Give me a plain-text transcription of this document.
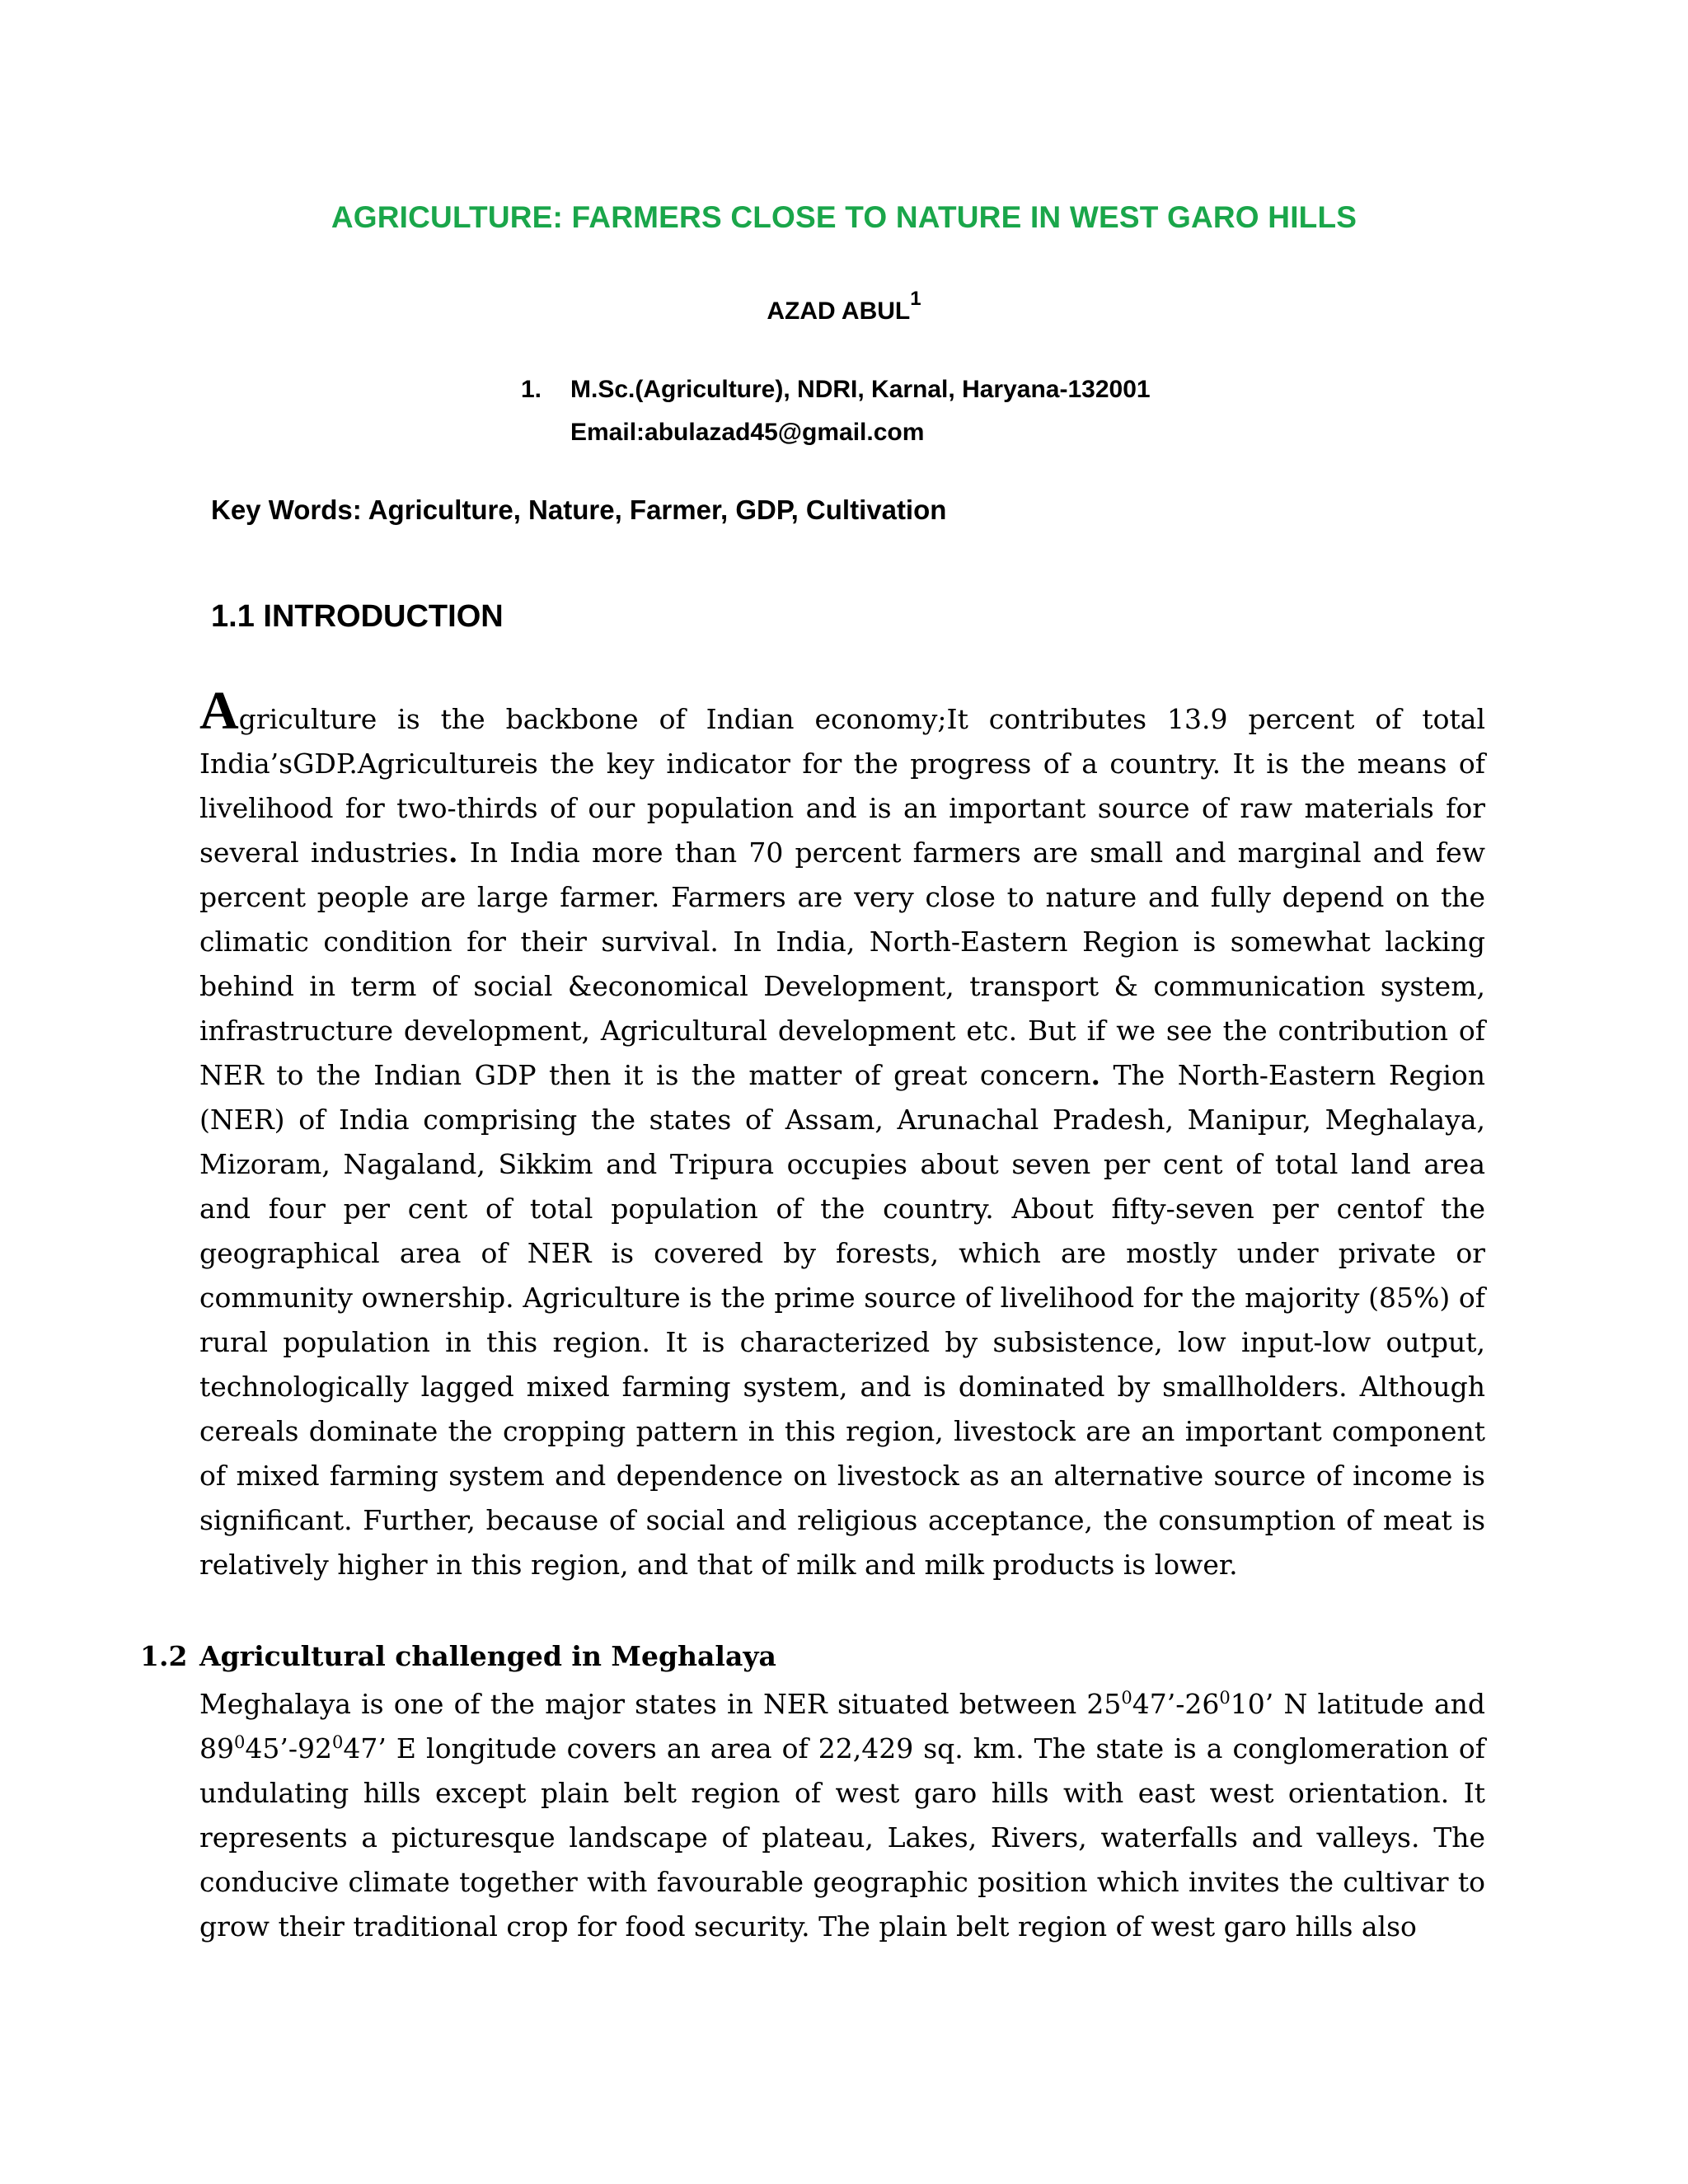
AGRICULTURE: FARMERS CLOSE TO NATURE IN WEST GARO HILLS
AZAD ABUL$^1$
1. M.Sc.(Agriculture), NDRI, Karnal, Haryana-132001
Email:abulazad45@gmail.com
Key Words: Agriculture, Nature, Farmer, GDP, Cultivation
1.1 INTRODUCTION
Agriculture is the backbone of Indian economy;It contributes 13.9 percent of total India’sGDP.Agricultureis the key indicator for the progress of a country. It is the means of livelihood for two-thirds of our population and is an important source of raw materials for several industries. In India more than 70 percent farmers are small and marginal and few percent people are large farmer. Farmers are very close to nature and fully depend on the climatic condition for their survival. In India, North-Eastern Region is somewhat lacking behind in term of social &economical Development, transport & communication system, infrastructure development, Agricultural development etc. But if we see the contribution of NER to the Indian GDP then it is the matter of great concern. The North-Eastern Region (NER) of India comprising the states of Assam, Arunachal Pradesh, Manipur, Meghalaya, Mizoram, Nagaland, Sikkim and Tripura occupies about seven per cent of total land area and four per cent of total population of the country. About fifty-seven per centof the geographical area of NER is covered by forests, which are mostly under private or community ownership. Agriculture is the prime source of livelihood for the majority (85%) of rural population in this region. It is characterized by subsistence, low input-low output, technologically lagged mixed farming system, and is dominated by smallholders. Although cereals dominate the cropping pattern in this region, livestock are an important component of mixed farming system and dependence on livestock as an alternative source of income is significant. Further, because of social and religious acceptance, the consumption of meat is relatively higher in this region, and that of milk and milk products is lower.
1.2 Agricultural challenged in Meghalaya
Meghalaya is one of the major states in NER situated between $25^047’-26^010$’ N latitude and $89^045’-92^047$’ E longitude covers an area of 22,429 sq. km. The state is a conglomeration of undulating hills except plain belt region of west garo hills with east west orientation. It represents a picturesque landscape of plateau, Lakes, Rivers, waterfalls and valleys. The conducive climate together with favourable geographic position which invites the cultivar to grow their traditional crop for food security. The plain belt region of west garo hills also
